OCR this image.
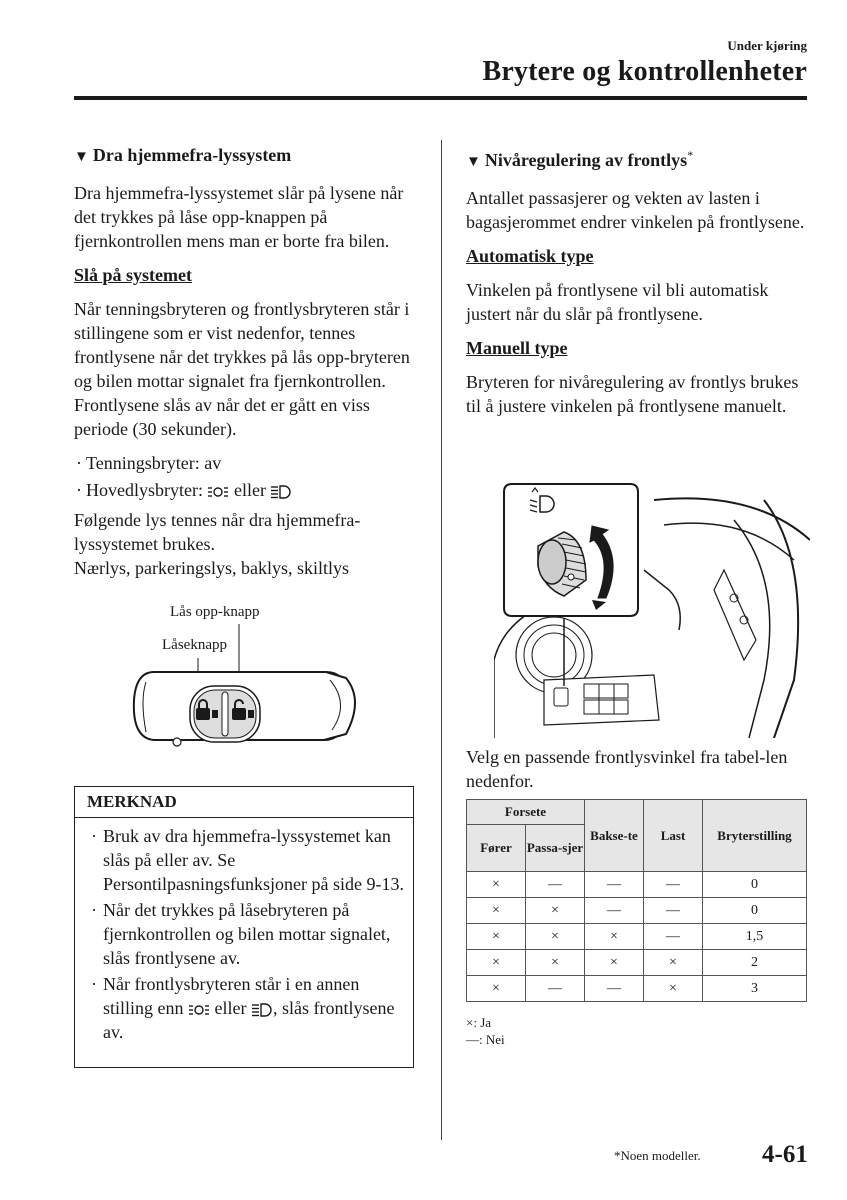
Under kjøring
Brytere og kontrollenheter
▼ Dra hjemmefra-lyssystem

Dra hjemmefra-lyssystemet slår på lysene når det trykkes på låse opp-knappen på fjernkontrollen mens man er borte fra bilen.

Slå på systemet

Når tenningsbryteren og frontlysbryteren står i stillingene som er vist nedenfor, tennes frontlysene når det trykkes på lås opp-bryteren og bilen mottar signalet fra fjernkontrollen. Frontlysene slås av når det er gått en viss periode (30 sekunder).

· Tenningsbryter: av
· Hovedlysbryter: eller

Følgende lys tennes når dra hjemmefra-lyssystemet brukes.

Nærlys, parkeringslys, baklys, skiltlys

Lås opp-knapp
Låseknapp
MERKNAD
· Bruk av dra hjemmefra-lyssystemet kan slås på eller av. Se Persontilpasningsfunksjoner på side 9-13.
· Når det trykkes på låsebryteren på fjernkontrollen og bilen mottar signalet, slås frontlysene av.
· Når frontlysbryteren står i en annen stilling enn eller , slås frontlysene av.
▼ Nivåregulering av frontlys*

Antallet passasjerer og vekten av lasten i bagasjerommet endrer vinkelen på frontlysene.

Automatisk type

Vinkelen på frontlysene vil bli automatisk justert når du slår på frontlysene.

Manuell type

Bryteren for nivåregulering av frontlys brukes til å justere vinkelen på frontlysene manuelt.

Velg en passende frontlysvinkel fra tabel-len nedenfor.
Forsete		Bakse-te	Last	Bryterstilling
Fører	Passa-sjer			
×	—	—	—	0
×	×	—	—	0
×	×	×	—	1,5
×	×	×	×	2
×	—	—	×	3
×: Ja
—: Nei
*Noen modeller. 4-61
